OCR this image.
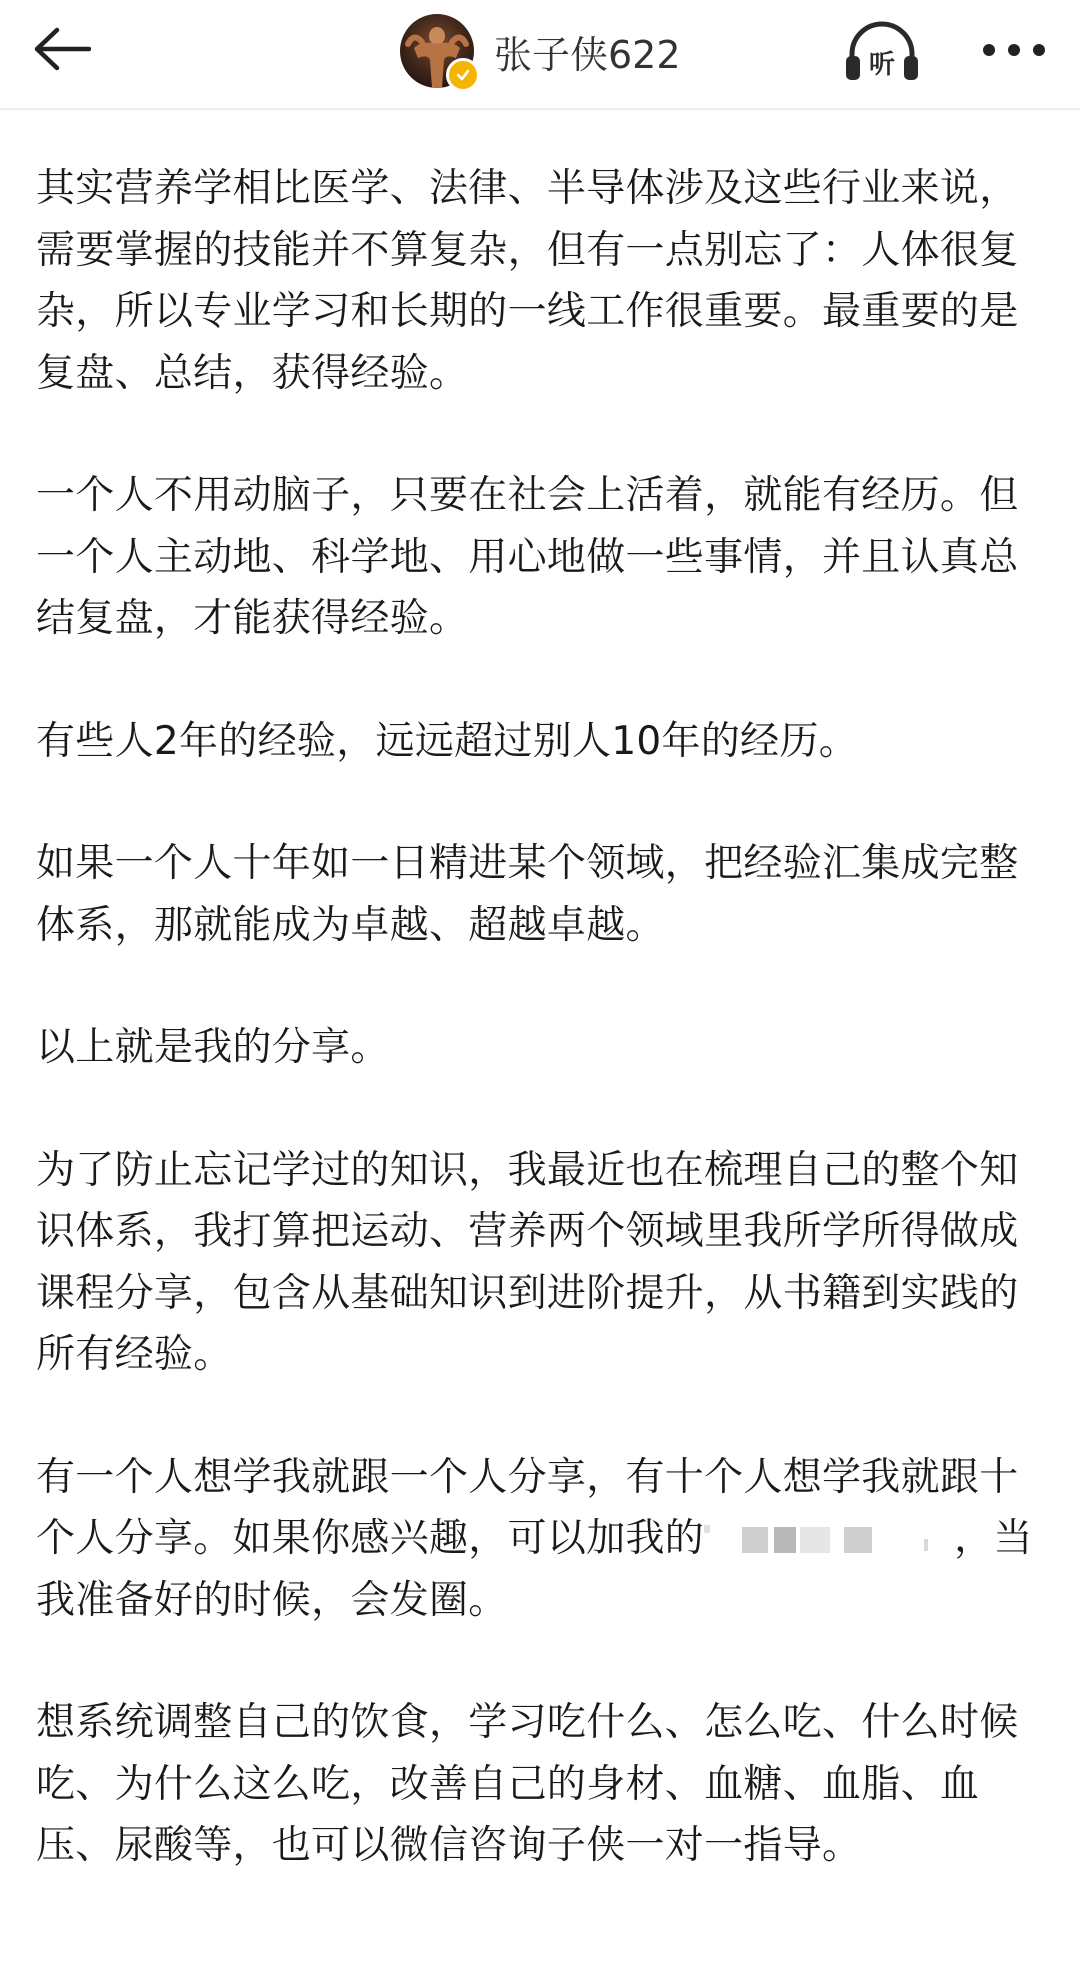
张子侠622	听

其实营养学相比医学、法律、半导体涉及这些行业来说，需要掌握的技能并不算复杂，但有一点别忘了：人体很复杂，所以专业学习和长期的一线工作很重要。最重要的是复盘、总结，获得经验。

一个人不用动脑子，只要在社会上活着，就能有经历。但一个人主动地、科学地、用心地做一些事情，并且认真总结复盘，才能获得经验。

有些人2年的经验，远远超过别人10年的经历。

如果一个人十年如一日精进某个领域，把经验汇集成完整体系，那就能成为卓越、超越卓越。

以上就是我的分享。

为了防止忘记学过的知识，我最近也在梳理自己的整个知识体系，我打算把运动、营养两个领域里我所学所得做成课程分享，包含从基础知识到进阶提升，从书籍到实践的所有经验。

有一个人想学我就跟一个人分享，有十个人想学我就跟十个人分享。如果你感兴趣，可以加我的	，当我准备好的时候，会发圈。

想系统调整自己的饮食，学习吃什么、怎么吃、什么时候吃、为什么这么吃，改善自己的身材、血糖、血脂、血压、尿酸等，也可以微信咨询子侠一对一指导。
